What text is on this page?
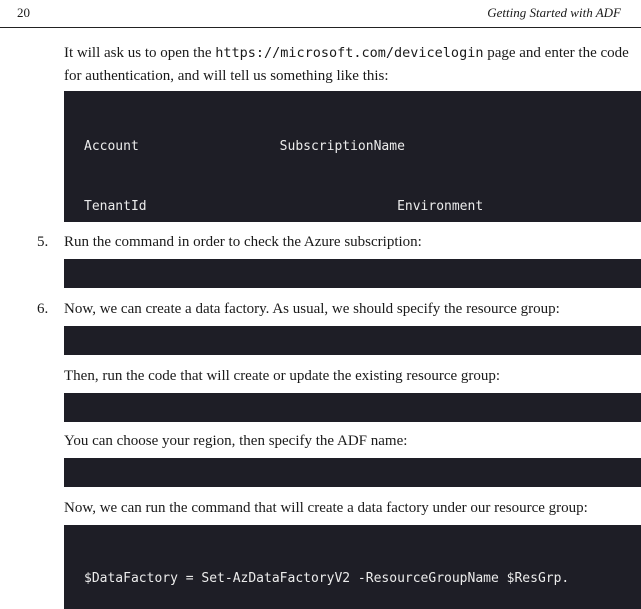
20	Getting Started with ADF

It will ask us to open the https://microsoft.com/devicelogin page and enter the code for authentication, and will tell us something like this:

Account                  SubscriptionName

TenantId                                Environment

5. Run the command in order to check the Azure subscription:

6. Now, we can create a data factory. As usual, we should specify the resource group:

Then, run the code that will create or update the existing resource group:

You can choose your region, then specify the ADF name:

Now, we can run the command that will create a data factory under our resource group:

$DataFactory = Set-AzDataFactoryV2 -ResourceGroupName $ResGrp.
